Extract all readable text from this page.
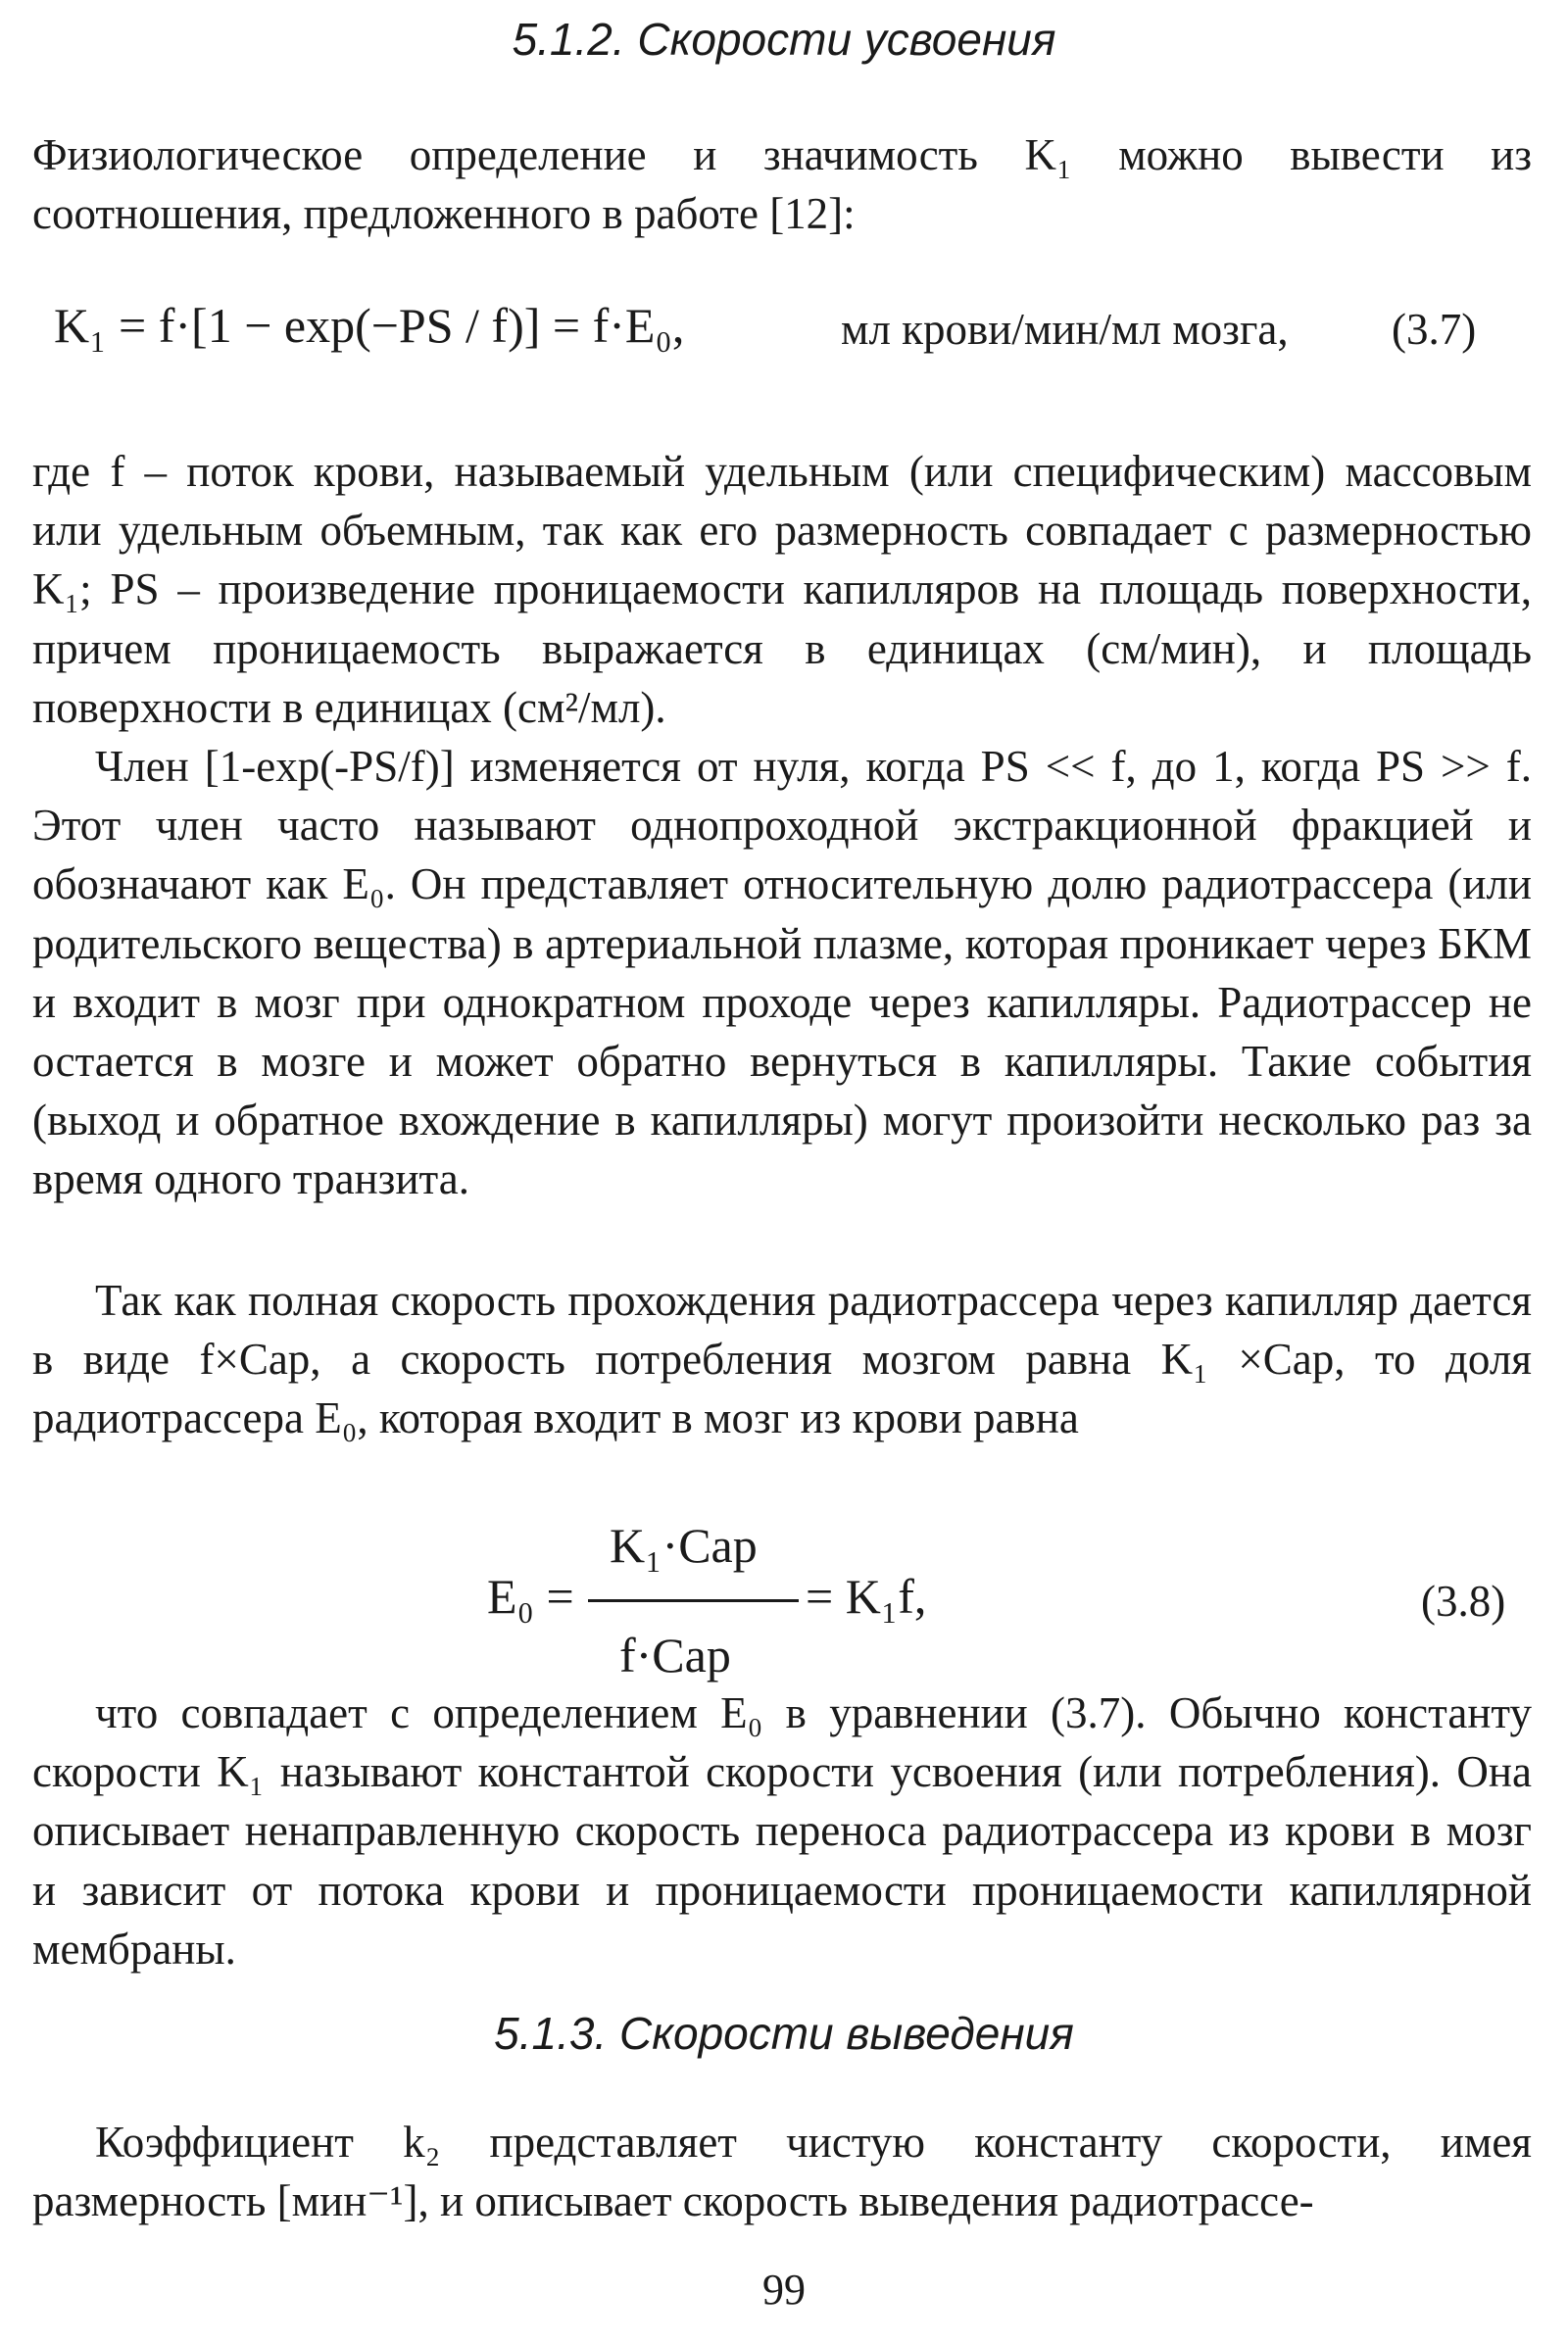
5.1.2. Скорости усвоения
Физиологическое определение и значимость K₁ можно вывести из соотношения, предложенного в работе [12]:
K₁ = f·[1 − exp(−PS / f)] = f·E₀,	мл крови/мин/мл мозга, (3.7)
где f – поток крови, называемый удельным (или специфическим) массовым или удельным объемным, так как его размерность совпадает с размерностью K₁; PS – произведение проницаемости капилляров на площадь поверхности, причем проницаемость выражается в единицах (см/мин), и площадь поверхности в единицах (см²/мл).
Член [1-exp(-PS/f)] изменяется от нуля, когда PS << f, до 1, когда PS >> f. Этот член часто называют однопроходной экстракционной фракцией и обозначают как E₀. Он представляет относительную долю радиотрассера (или родительского вещества) в артериальной плазме, которая проникает через БКМ и входит в мозг при однократном проходе через капилляры. Радиотрассер не остается в мозге и может обратно вернуться в капилляры. Такие события (выход и обратное вхождение в капилляры) могут произойти несколько раз за время одного транзита.
Так как полная скорость прохождения радиотрассера через капилляр дается в виде f×Cap, а скорость потребления мозгом равна K₁ ×Cap, то доля радиотрассера E₀, которая входит в мозг из крови равна
E₀ =
K₁·Cap
f·Cap
= K₁f,	(3.8)
что совпадает с определением E₀ в уравнении (3.7). Обычно константу скорости K₁ называют константой скорости усвоения (или потребления). Она описывает ненаправленную скорость переноса радиотрассера из крови в мозг и зависит от потока крови и проницаемости проницаемости капиллярной мембраны.
5.1.3. Скорости выведения
Коэффициент k₂ представляет чистую константу скорости, имея размерность [мин⁻¹], и описывает скорость выведения радиотрассе-
99
